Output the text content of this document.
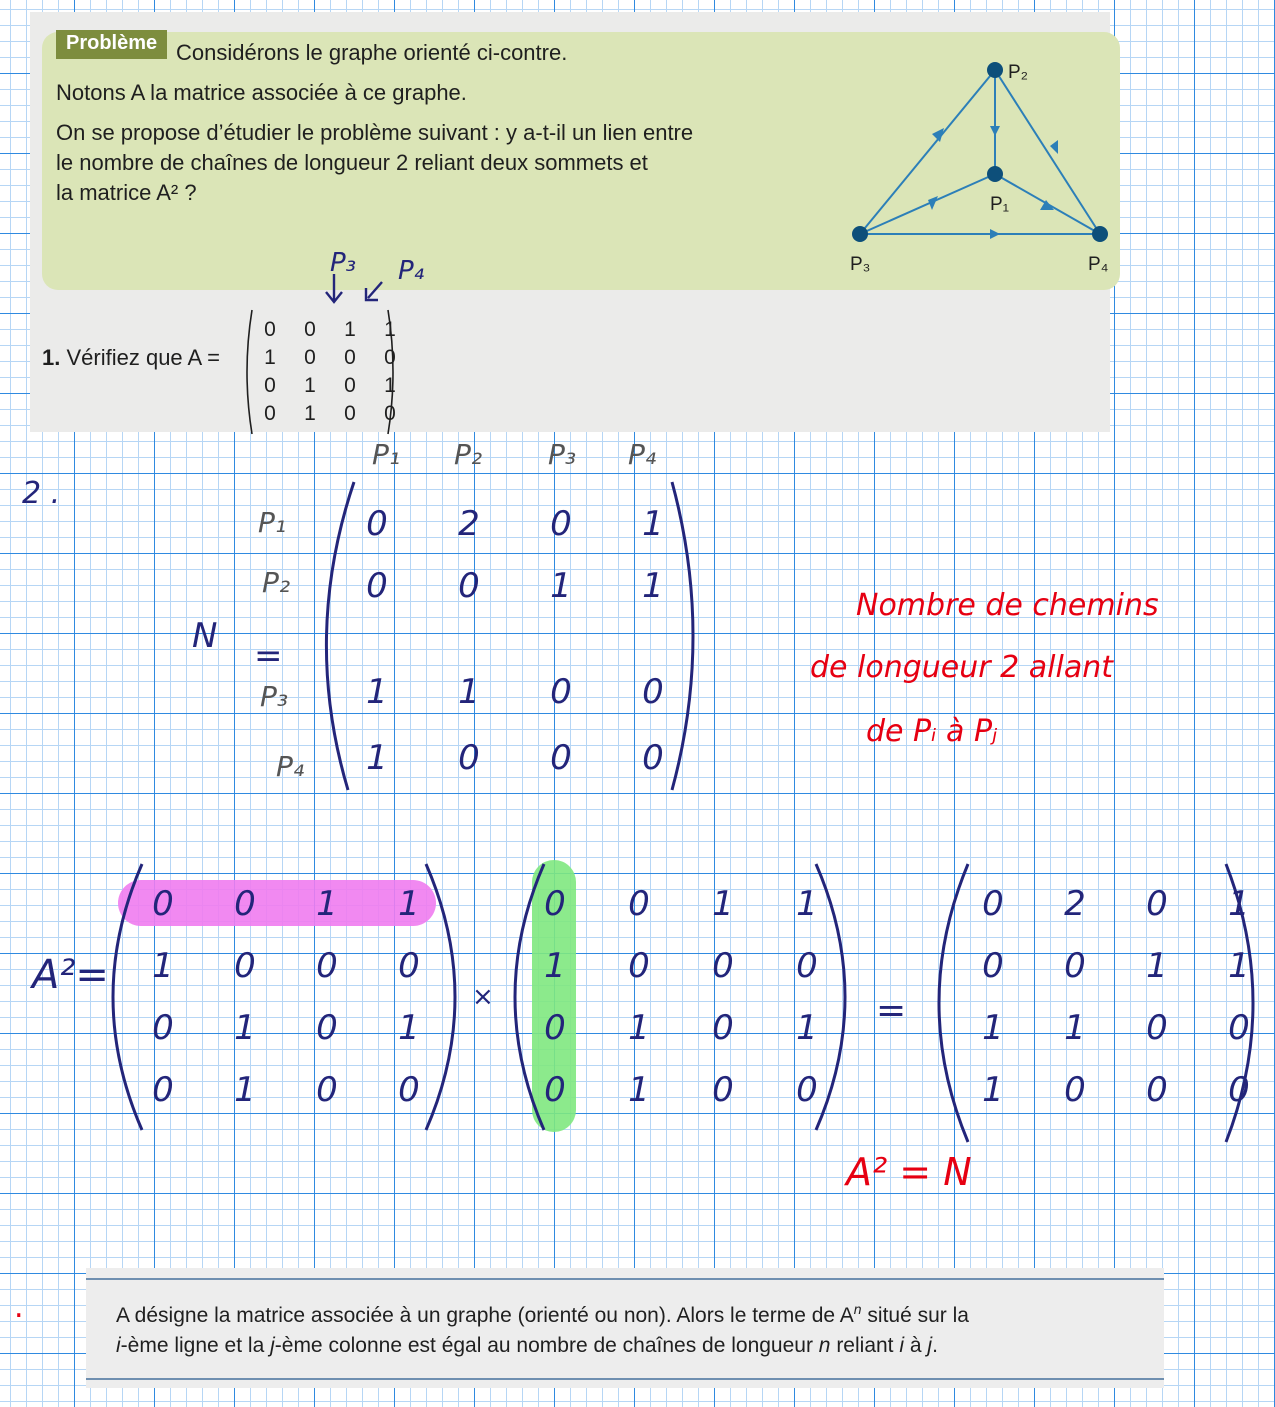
Problème Considérons le graphe orienté ci-contre.
Notons A la matrice associée à ce graphe.
On se propose d’étudier le problème suivant : y a-t-il un lien entre
le nombre de chaînes de longueur 2 reliant deux sommets et
la matrice A² ?
P₂
P₁
P₃	P₄
1. Vérifiez que A =
0 0 1 1
1 0 0 0
0 1 0 1
0 1 0 0
P₃ P₄
2 .
N =
P₁ P₂ P₃ P₄
P₁
P₂
P₃
P₄
0	2	0	1
0	0	1	1
1	1	0	0
1	0	0	0
Nombre de chemins
de longueur 2 allant
de Pᵢ à Pⱼ
A²=
0	0	1	1
1	0	0	0
0	1	0	1
0	1	0	0
×
0	0	1	1
1	0	0	0
0	1	0	1
0	1	0	0
=
0	2	0	1
0	0	1	1
1	1	0	0
1	0	0	0
A² = N
.	A désigne la matrice associée à un graphe (orienté ou non). Alors le terme de $A^n$ situé sur la
i-ème ligne et la j-ème colonne est égal au nombre de chaînes de longueur n reliant i à j.
